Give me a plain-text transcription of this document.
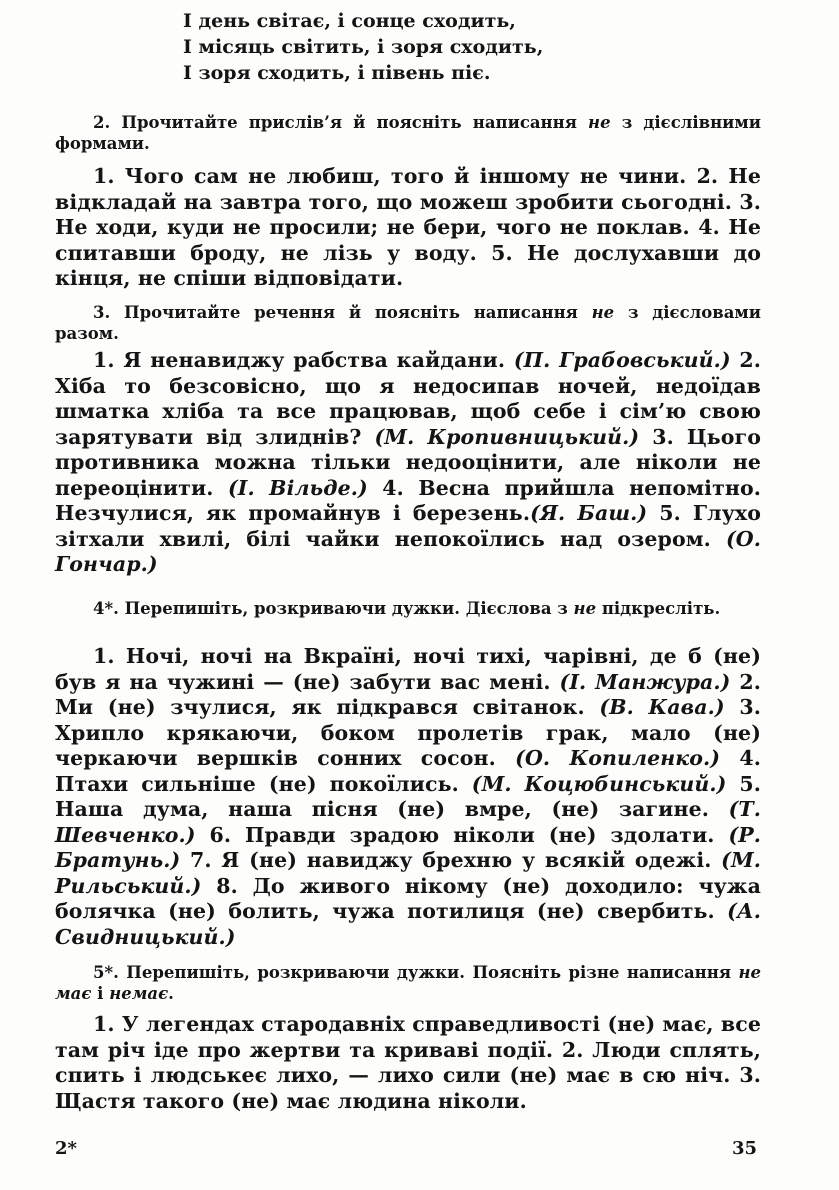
І день світає, і сонце сходить,
І місяць світить, і зоря сходить,
І зоря сходить, і півень піє.
2. Прочитайте прислів’я й поясніть написання не з дієслівними формами.
1. Чого сам не любиш, того й іншому не чини. 2. Не відкладай на завтра того, що можеш зробити сьогодні. 3. Не ходи, куди не просили; не бери, чого не поклав. 4. Не спитавши броду, не лізь у воду. 5. Не дослухавши до кінця, не спіши відповідати.
3. Прочитайте речення й поясніть написання не з дієсловами разом.
1. Я ненавиджу рабства кайдани. (П. Грабовський.) 2. Хіба то безсовісно, що я недосипав ночей, недоїдав шматка хліба та все працював, щоб себе і сім’ю свою зарятувати від злиднів? (М. Кропивницький.) 3. Цього противника можна тільки недооцінити, але ніколи не переоцінити. (І. Вільде.) 4. Весна прийшла непомітно. Незчулися, як промайнув і березень.(Я. Баш.) 5. Глухо зітхали хвилі, білі чайки непокоїлись над озером. (О. Гончар.)
4*. Перепишіть, розкриваючи дужки. Дієслова з не підкресліть.
1. Ночі, ночі на Вкраїні, ночі тихі, чарівні, де б (не) був я на чужині — (не) забути вас мені. (І. Манжура.) 2. Ми (не) зчулися, як підкрався світанок. (В. Кава.) 3. Хрипло крякаючи, боком пролетів грак, мало (не) черкаючи вершків сонних сосон. (О. Копиленко.) 4. Птахи сильніше (не) покоїлись. (М. Коцюбинський.) 5. Наша дума, наша пісня (не) вмре, (не) загине. (Т. Шевченко.) 6. Правди зрадою ніколи (не) здолати. (Р. Братунь.) 7. Я (не) навиджу брехню у всякій одежі. (М. Рильський.) 8. До живого нікому (не) доходило: чужа болячка (не) болить, чужа потилиця (не) свербить. (А. Свидницький.)
5*. Перепишіть, розкриваючи дужки. Поясніть різне написання не має і немає.
1. У легендах стародавніх справедливості (не) має, все там річ іде про жертви та криваві події. 2. Люди сплять, спить і людськеє лихо, — лихо сили (не) має в сю ніч. 3. Щастя такого (не) має людина ніколи.
2*	35
